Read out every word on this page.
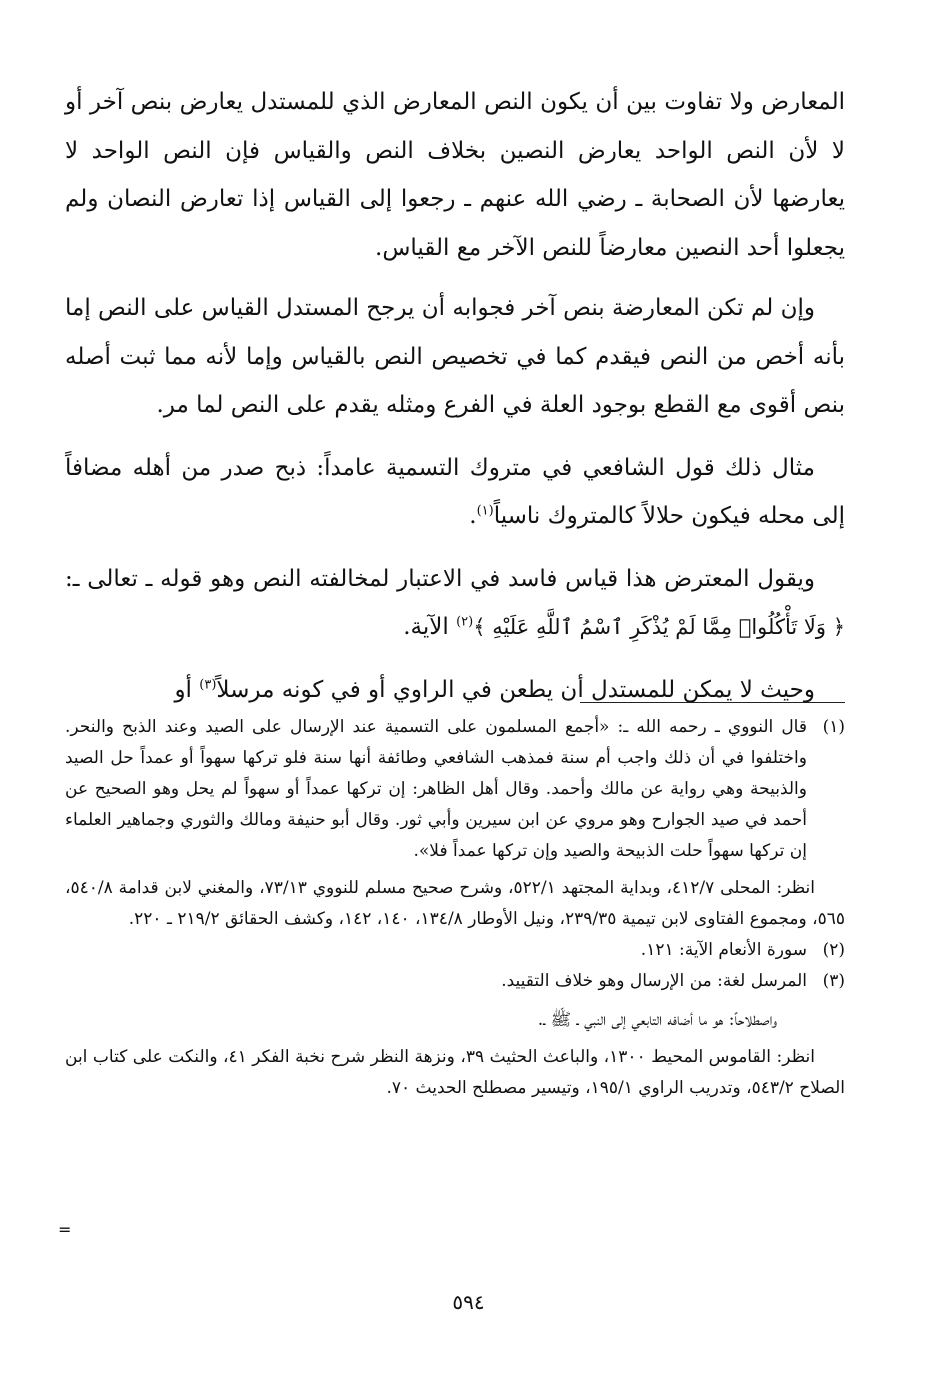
المعارض ولا تفاوت بين أن يكون النص المعارض الذي للمستدل يعارض بنص آخر أو لا لأن النص الواحد يعارض النصين بخلاف النص والقياس فإن النص الواحد لا يعارضها لأن الصحابة ـ رضي الله عنهم ـ رجعوا إلى القياس إذا تعارض النصان ولم يجعلوا أحد النصين معارضاً للنص الآخر مع القياس.

وإن لم تكن المعارضة بنص آخر فجوابه أن يرجح المستدل القياس على النص إما بأنه أخص من النص فيقدم كما في تخصيص النص بالقياس وإما لأنه مما ثبت أصله بنص أقوى مع القطع بوجود العلة في الفرع ومثله يقدم على النص لما مر.

مثال ذلك قول الشافعي في متروك التسمية عامداً: ذبح صدر من أهله مضافاً إلى محله فيكون حلالاً كالمتروك ناسياً$^{(١)}$.

ويقول المعترض هذا قياس فاسد في الاعتبار لمخالفته النص وهو قوله ـ تعالى ـ: ﴿ وَلَا تَأْكُلُوا۟ مِمَّا لَمْ يُذْكَرِ ٱسْمُ ٱللَّهِ عَلَيْهِ ﴾$^{(٢)}$ الآية.

وحيث لا يمكن للمستدل أن يطعن في الراوي أو في كونه مرسلاً$^{(٣)}$ أو

(١)
قال النووي ـ رحمه الله ـ: «أجمع المسلمون على التسمية عند الإرسال على الصيد وعند الذبح والنحر. واختلفوا في أن ذلك واجب أم سنة فمذهب الشافعي وطائفة أنها سنة فلو تركها سهواً أو عمداً حل الصيد والذبيحة وهي رواية عن مالك وأحمد. وقال أهل الظاهر: إن تركها عمداً أو سهواً لم يحل وهو الصحيح عن أحمد في صيد الجوارح وهو مروي عن ابن سيرين وأبي ثور. وقال أبو حنيفة ومالك والثوري وجماهير العلماء إن تركها سهواً حلت الذبيحة والصيد وإن تركها عمداً فلا».
انظر: المحلى ٤١٢/٧، وبداية المجتهد ٥٢٢/١، وشرح صحيح مسلم للنووي ٧٣/١٣، والمغني لابن قدامة ٥٤٠/٨، ٥٦٥، ومجموع الفتاوى لابن تيمية ٢٣٩/٣٥، ونيل الأوطار ١٣٤/٨، ١٤٠، ١٤٢، وكشف الحقائق ٢١٩/٢ ـ ٢٢٠.
(٢)
سورة الأنعام الآية: ١٢١.
(٣)
المرسل لغة: من الإرسال وهو خلاف التقييد.
واصطلاحاً: هو ما أضافه التابعي إلى النبي ـ ﷺ ـ.
انظر: القاموس المحيط ١٣٠٠، والباعث الحثيث ٣٩، ونزهة النظر شرح نخبة الفكر ٤١، والنكت على كتاب ابن الصلاح ٥٤٣/٢، وتدريب الراوي ١٩٥/١، وتيسير مصطلح الحديث ٧٠.
=
٥٩٤
